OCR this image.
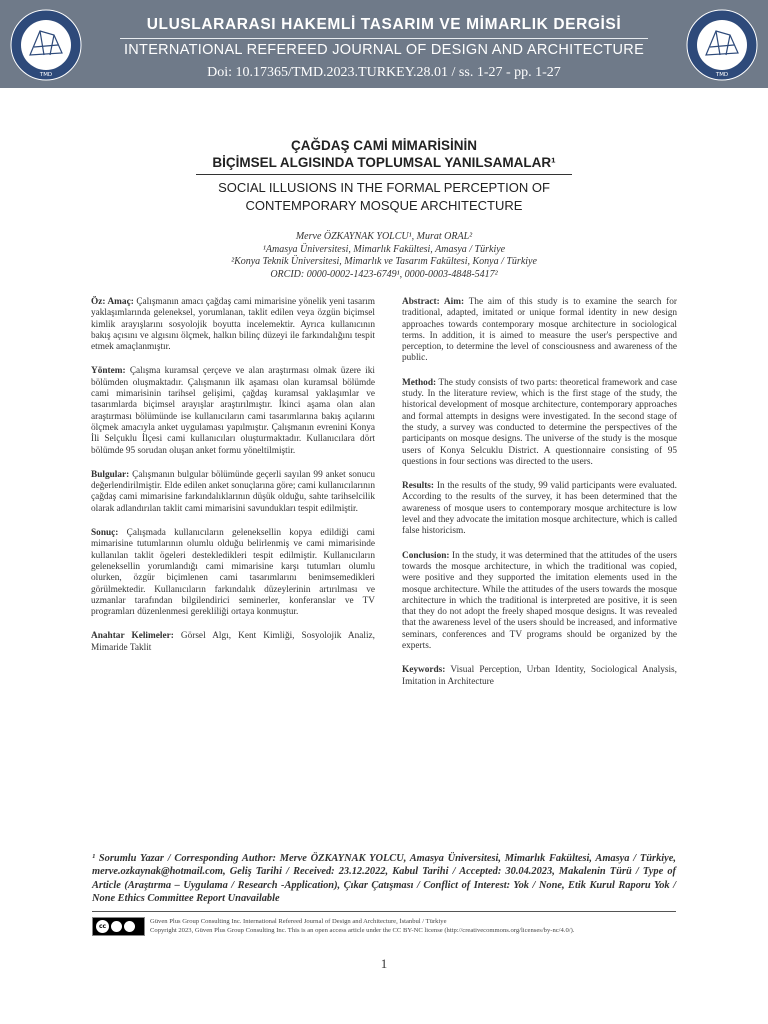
TMD
ULUSLARARASI HAKEMLİ TASARIM VE MİMARLIK DERGİSİ
INTERNATIONAL REFEREED JOURNAL OF DESIGN AND ARCHITECTURE
Doi: 10.17365/TMD.2023.TURKEY.28.01 / ss. 1-27 - pp. 1-27	TMD
ÇAĞDAŞ CAMİ MİMARİSİNİN
BİÇİMSEL ALGISINDA TOPLUMSAL YANILSAMALAR¹
SOCIAL ILLUSIONS IN THE FORMAL PERCEPTION OF
CONTEMPORARY MOSQUE ARCHITECTURE
Merve ÖZKAYNAK YOLCU¹, Murat ORAL²
¹Amasya Üniversitesi, Mimarlık Fakültesi, Amasya / Türkiye
²Konya Teknik Üniversitesi, Mimarlık ve Tasarım Fakültesi, Konya / Türkiye
ORCID: 0000-0002-1423-6749¹, 0000-0003-4848-5417²

Öz: Amaç: Çalışmanın amacı çağdaş cami mimarisine yönelik yeni tasarım yaklaşımlarında geleneksel, yorumlanan, taklit edilen veya özgün biçimsel kimlik arayışlarını sosyolojik boyutta incelemektir. Ayrıca kullanıcının bakış açısını ve algısını ölçmek, halkın bilinç düzeyi ile farkındalığını tespit etmek amaçlanmıştır.

Yöntem: Çalışma kuramsal çerçeve ve alan araştırması olmak üzere iki bölümden oluşmaktadır. Çalışmanın ilk aşaması olan kuramsal bölümde cami mimarisinin tarihsel gelişimi, çağdaş kuramsal yaklaşımlar ve tasarımlarda biçimsel arayışlar araştırılmıştır. İkinci aşama olan alan araştırması bölümünde ise kullanıcıların cami tasarımlarına bakış açılarını ölçmek amacıyla anket uygulaması yapılmıştır. Çalışmanın evrenini Konya İli Selçuklu İlçesi cami kullanıcıları oluşturmaktadır. Kullanıcılara dört bölümde 95 sorudan oluşan anket formu yöneltilmiştir.

Bulgular: Çalışmanın bulgular bölümünde geçerli sayılan 99 anket sonucu değerlendirilmiştir. Elde edilen anket sonuçlarına göre; cami kullanıcılarının çağdaş cami mimarisine farkındalıklarının düşük olduğu, sahte tarihselcilik olarak adlandırılan taklit cami mimarisini savundukları tespit edilmiştir.

Sonuç: Çalışmada kullanıcıların geleneksellin kopya edildiği cami mimarisine tutumlarının olumlu olduğu belirlenmiş ve cami mimarisinde kullanılan taklit ögeleri destekledikleri tespit edilmiştir. Kullanıcıların geleneksellin yorumlandığı cami mimarisine karşı tutumları olumlu olurken, özgür biçimlenen cami tasarımlarını benimsemedikleri görülmektedir. Kullanıcıların farkındalık düzeylerinin artırılması ve uzmanlar tarafından bilgilendirici seminerler, konferanslar ve TV programları düzenlenmesi gerekliliği ortaya konmuştur.

Anahtar Kelimeler: Görsel Algı, Kent Kimliği, Sosyolojik Analiz, Mimaride Taklit

Abstract: Aim: The aim of this study is to examine the search for traditional, adapted, imitated or unique formal identity in new design approaches towards contemporary mosque architecture in sociological terms. In addition, it is aimed to measure the user's perspective and perception, to determine the level of consciousness and awareness of the public.

Method: The study consists of two parts: theoretical framework and case study. In the literature review, which is the first stage of the study, the historical development of mosque architecture, contemporary approaches and formal attempts in designs were investigated. In the second stage of the study, a survey was conducted to determine the perspectives of the participants on mosque designs. The universe of the study is the mosque users of Konya Selcuklu District. A questionnaire consisting of 95 questions in four sections was directed to the users.

Results: In the results of the study, 99 valid participants were evaluated. According to the results of the survey, it has been determined that the awareness of mosque users to contemporary mosque architecture is low level and they advocate the imitation mosque architecture, which is called false historicism.

Conclusion: In the study, it was determined that the attitudes of the users towards the mosque architecture, in which the traditional was copied, were positive and they supported the imitation elements used in the mosque architecture. While the attitudes of the users towards the mosque architecture in which the traditional is interpreted are positive, it is seen that they do not adopt the freely shaped mosque designs. It was revealed that the awareness level of the users should be increased, and informative seminars, conferences and TV programs should be organized by the experts.

Keywords: Visual Perception, Urban Identity, Sociological Analysis, Imitation in Architecture

¹ Sorumlu Yazar / Corresponding Author: Merve ÖZKAYNAK YOLCU, Amasya Üniversitesi, Mimarlık Fakültesi, Amasya / Türkiye, merve.ozkaynak@hotmail.com, Geliş Tarihi / Received: 23.12.2022, Kabul Tarihi / Accepted: 30.04.2023, Makalenin Türü / Type of Article (Araştırma – Uygulama / Research -Application), Çıkar Çatışması / Conflict of Interest: Yok / None, Etik Kurul Raporu Yok / None Ethics Committee Report Unavailable
cc
Güven Plus Group Consulting Inc. International Refereed Journal of Design and Architecture, İstanbul / Türkiye
Copyright 2023, Güven Plus Group Consulting Inc. This is an open access article under the CC BY-NC license (http://creativecommons.org/licenses/by-nc/4.0/).
1
